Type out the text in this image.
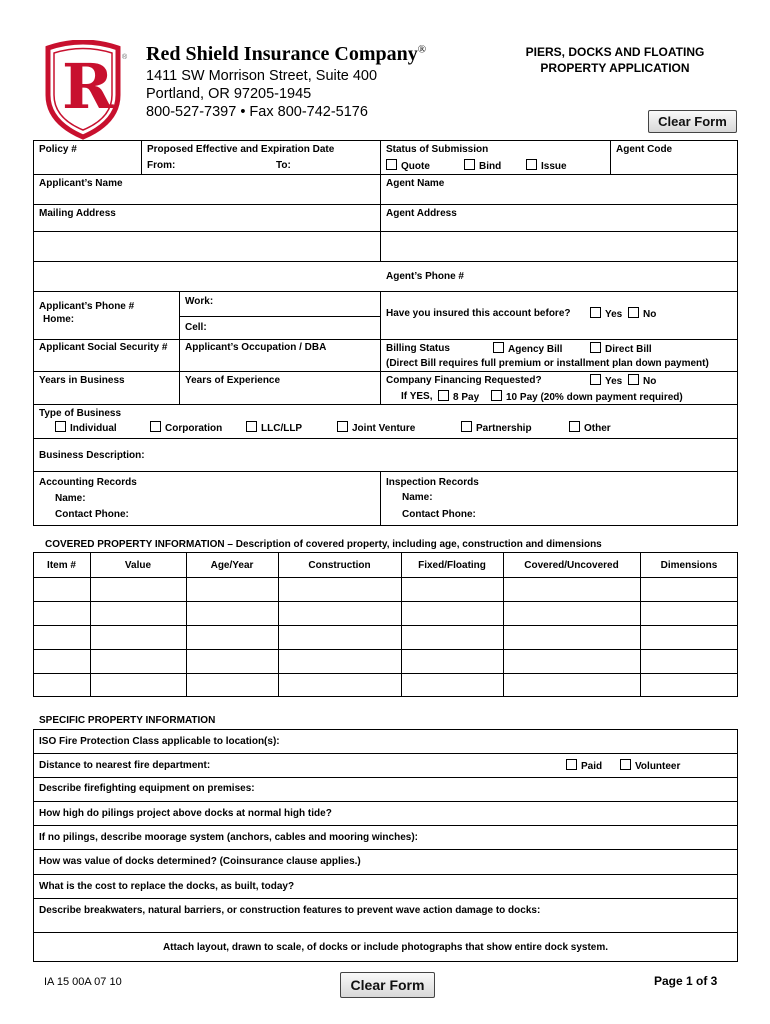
R ® Red Shield Insurance Company®
1411 SW Morrison Street, Suite 400
Portland, OR 97205-1945
800-527-7397 • Fax 800-742-5176
PIERS, DOCKS AND FLOATING
PROPERTY APPLICATION
Clear Form
Policy #	Proposed Effective and Expiration Date
From:	To:
Status of Submission
Quote	Bind	Issue
Agent Code
Applicant’s Name	Agent Name
Mailing Address	Agent Address
Agent’s Phone #
Applicant’s Phone #
Home:
Work:
Cell:
Have you insured this account before?	Yes	No
Applicant Social Security # Applicant’s Occupation / DBA	Billing Status	Agency Bill	Direct Bill
(Direct Bill requires full premium or installment plan down payment)
Years in Business	Years of Experience	Company Financing Requested?	Yes	No
If YES,	8 Pay	10 Pay (20% down payment required)
Type of Business
Individual	Corporation	LLC/LLP	Joint Venture	Partnership	Other
Business Description:
Accounting Records
Name:
Contact Phone:
Inspection Records
Name:
Contact Phone:
COVERED PROPERTY INFORMATION – Description of covered property, including age, construction and dimensions
Item #	Value	Age/Year	Construction	Fixed/Floating	Covered/Uncovered	Dimensions
SPECIFIC PROPERTY INFORMATION
ISO Fire Protection Class applicable to location(s):
Distance to nearest fire department:	Paid	Volunteer
Describe firefighting equipment on premises:
How high do pilings project above docks at normal high tide?
If no pilings, describe moorage system (anchors, cables and mooring winches):
How was value of docks determined? (Coinsurance clause applies.)
What is the cost to replace the docks, as built, today?
Describe breakwaters, natural barriers, or construction features to prevent wave action damage to docks:
Attach layout, drawn to scale, of docks or include photographs that show entire dock system.
IA 15 00A 07 10	Clear Form	Page 1 of 3
